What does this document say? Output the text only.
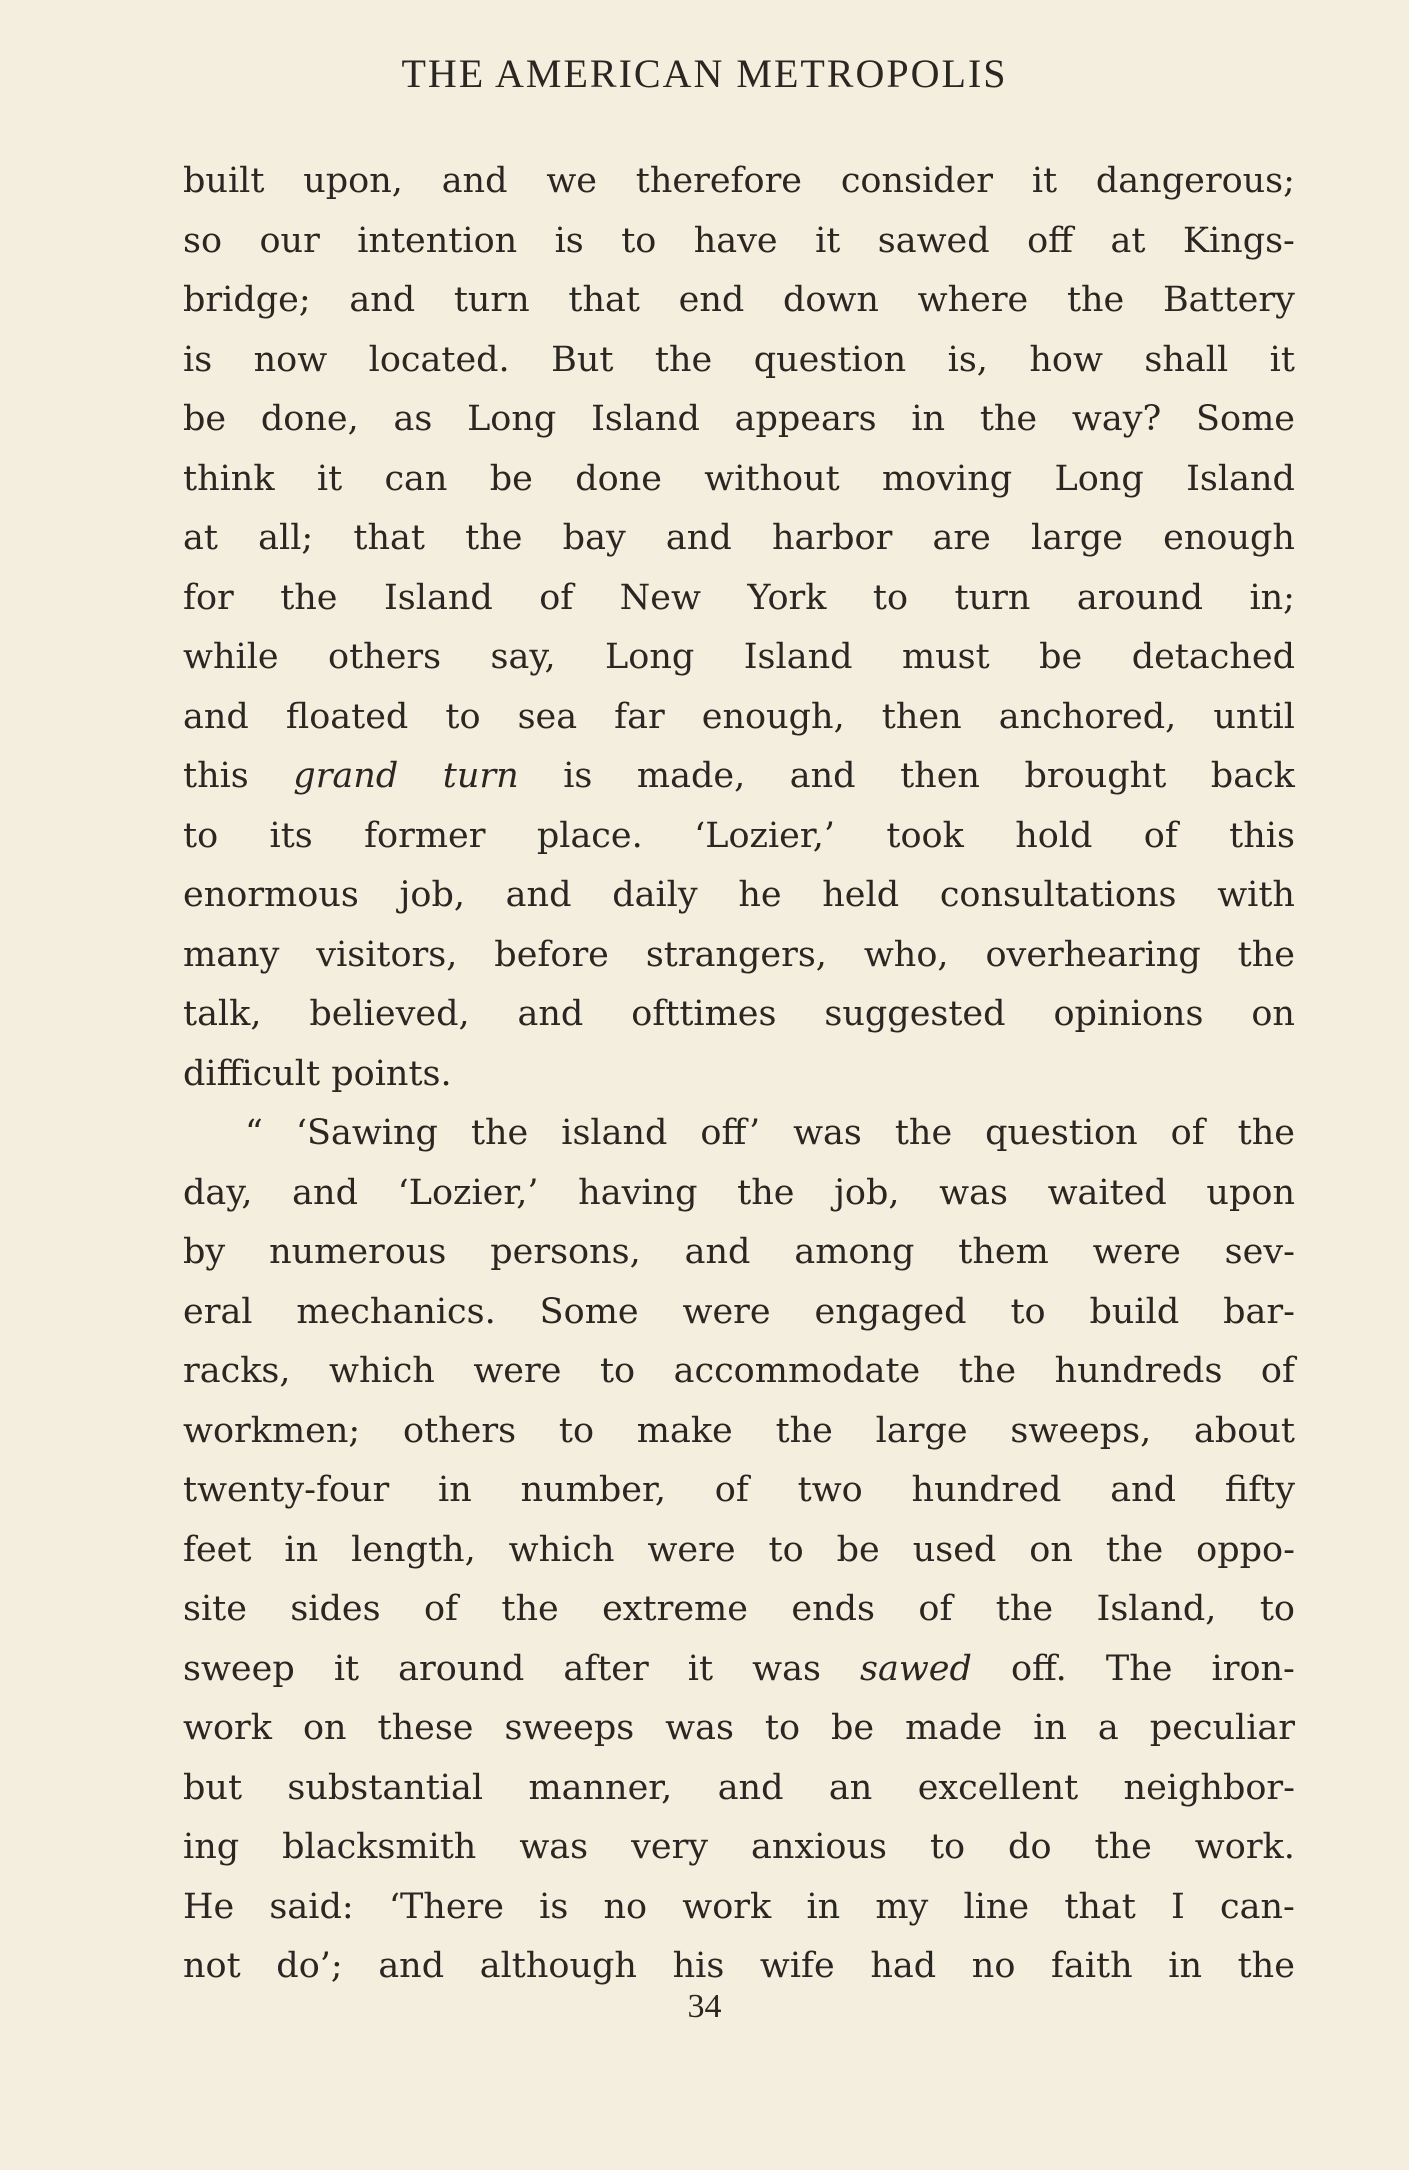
THE AMERICAN METROPOLIS
built upon, and we therefore consider it dangerous;
so our intention is to have it sawed off at Kings-
bridge; and turn that end down where the Battery
is now located. But the question is, how shall it
be done, as Long Island appears in the way? Some
think it can be done without moving Long Island
at all; that the bay and harbor are large enough
for the Island of New York to turn around in;
while others say, Long Island must be detached
and floated to sea far enough, then anchored, until
this grand turn is made, and then brought back
to its former place. ‘Lozier,’ took hold of this
enormous job, and daily he held consultations with
many visitors, before strangers, who, overhearing the
talk, believed, and ofttimes suggested opinions on
difficult points.
“ ‘Sawing the island off’ was the question of the
day, and ‘Lozier,’ having the job, was waited upon
by numerous persons, and among them were sev-
eral mechanics. Some were engaged to build bar-
racks, which were to accommodate the hundreds of
workmen; others to make the large sweeps, about
twenty-four in number, of two hundred and fifty
feet in length, which were to be used on the oppo-
site sides of the extreme ends of the Island, to
sweep it around after it was sawed off. The iron-
work on these sweeps was to be made in a peculiar
but substantial manner, and an excellent neighbor-
ing blacksmith was very anxious to do the work.
He said: ‘There is no work in my line that I can-
not do’; and although his wife had no faith in the
34
